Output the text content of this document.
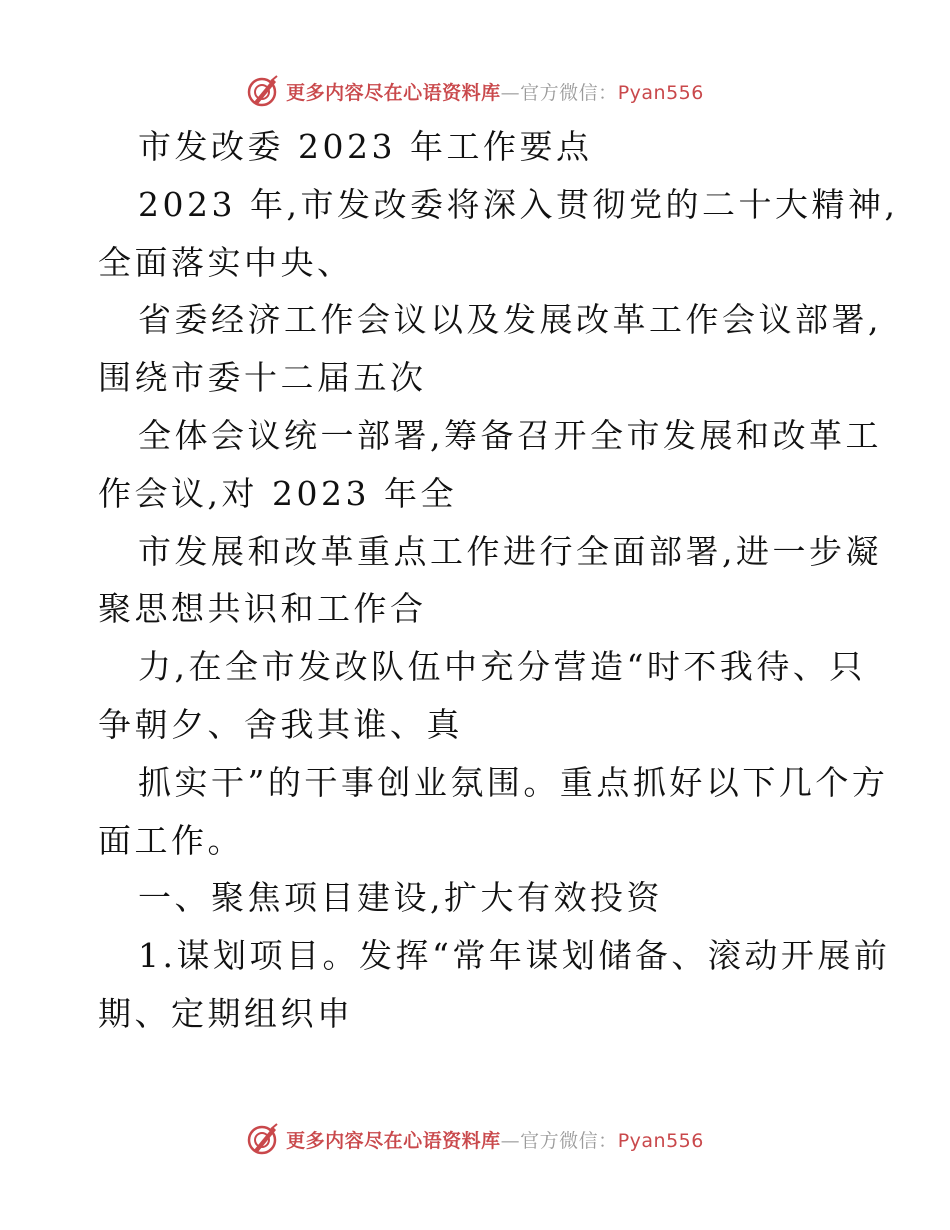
更多内容尽在心语资料库—官方微信：Pyan556
市发改委 2023 年工作要点
2023 年,市发改委将深入贯彻党的二十大精神,
全面落实中央、
省委经济工作会议以及发展改革工作会议部署,
围绕市委十二届五次
全体会议统一部署,筹备召开全市发展和改革工
作会议,对 2023 年全
市发展和改革重点工作进行全面部署,进一步凝
聚思想共识和工作合
力,在全市发改队伍中充分营造“时不我待、只
争朝夕、舍我其谁、真
抓实干”的干事创业氛围。重点抓好以下几个方
面工作。
一、聚焦项目建设,扩大有效投资
1.谋划项目。发挥“常年谋划储备、滚动开展前
期、定期组织申
更多内容尽在心语资料库—官方微信：Pyan556
